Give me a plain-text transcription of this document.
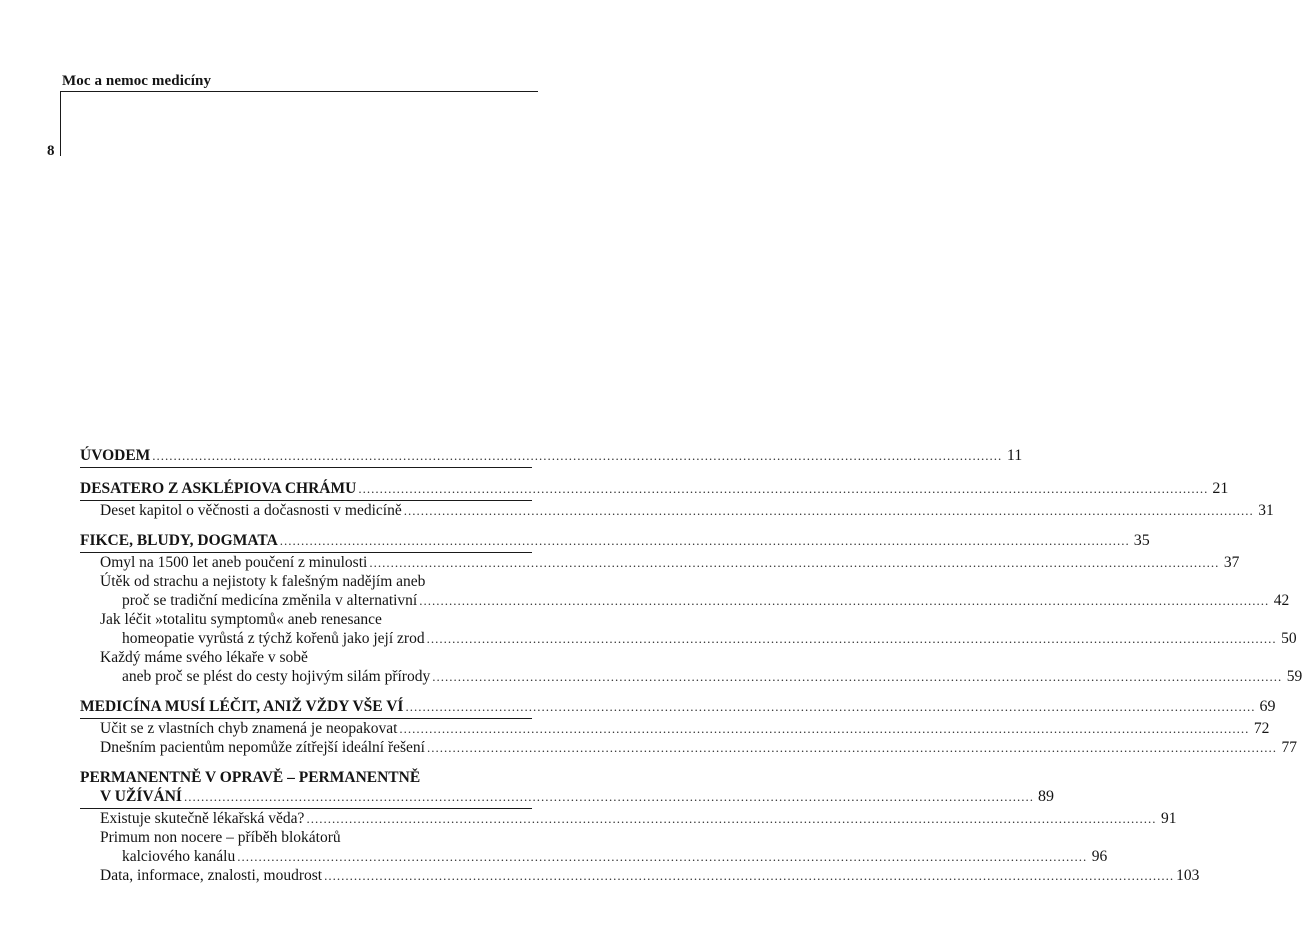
Moc a nemoc medicíny
8
ÚVODEM ........................................................................................................................................................................................................ 11
DESATERO Z ASKLÉPIOVA CHRÁMU ........................................................................................................................................................................................................ 21
Deset kapitol o věčnosti a dočasnosti v medicíně ........................................................................................................................................................................................................ 31
FIKCE, BLUDY, DOGMATA ........................................................................................................................................................................................................ 35
Omyl na 1500 let aneb poučení z minulosti ........................................................................................................................................................................................................ 37
Útěk od strachu a nejistoty k falešným nadějím aneb
proč se tradiční medicína změnila v alternativní ........................................................................................................................................................................................................ 42
Jak léčit »totalitu symptomů« aneb renesance
homeopatie vyrůstá z týchž kořenů jako její zrod ........................................................................................................................................................................................................ 50
Každý máme svého lékaře v sobě
aneb proč se plést do cesty hojivým silám přírody ........................................................................................................................................................................................................ 59
MEDICÍNA MUSÍ LÉČIT, ANIŽ VŽDY VŠE VÍ ........................................................................................................................................................................................................ 69
Učit se z vlastních chyb znamená je neopakovat ........................................................................................................................................................................................................ 72
Dnešním pacientům nepomůže zítřejší ideální řešení ........................................................................................................................................................................................................ 77
PERMANENTNĚ V OPRAVĚ – PERMANENTNĚ
V UŽÍVÁNÍ ........................................................................................................................................................................................................ 89
Existuje skutečně lékařská věda? ........................................................................................................................................................................................................ 91
Primum non nocere – příběh blokátorů
kalciového kanálu ........................................................................................................................................................................................................ 96
Data, informace, znalosti, moudrost ........................................................................................................................................................................................................ 103
